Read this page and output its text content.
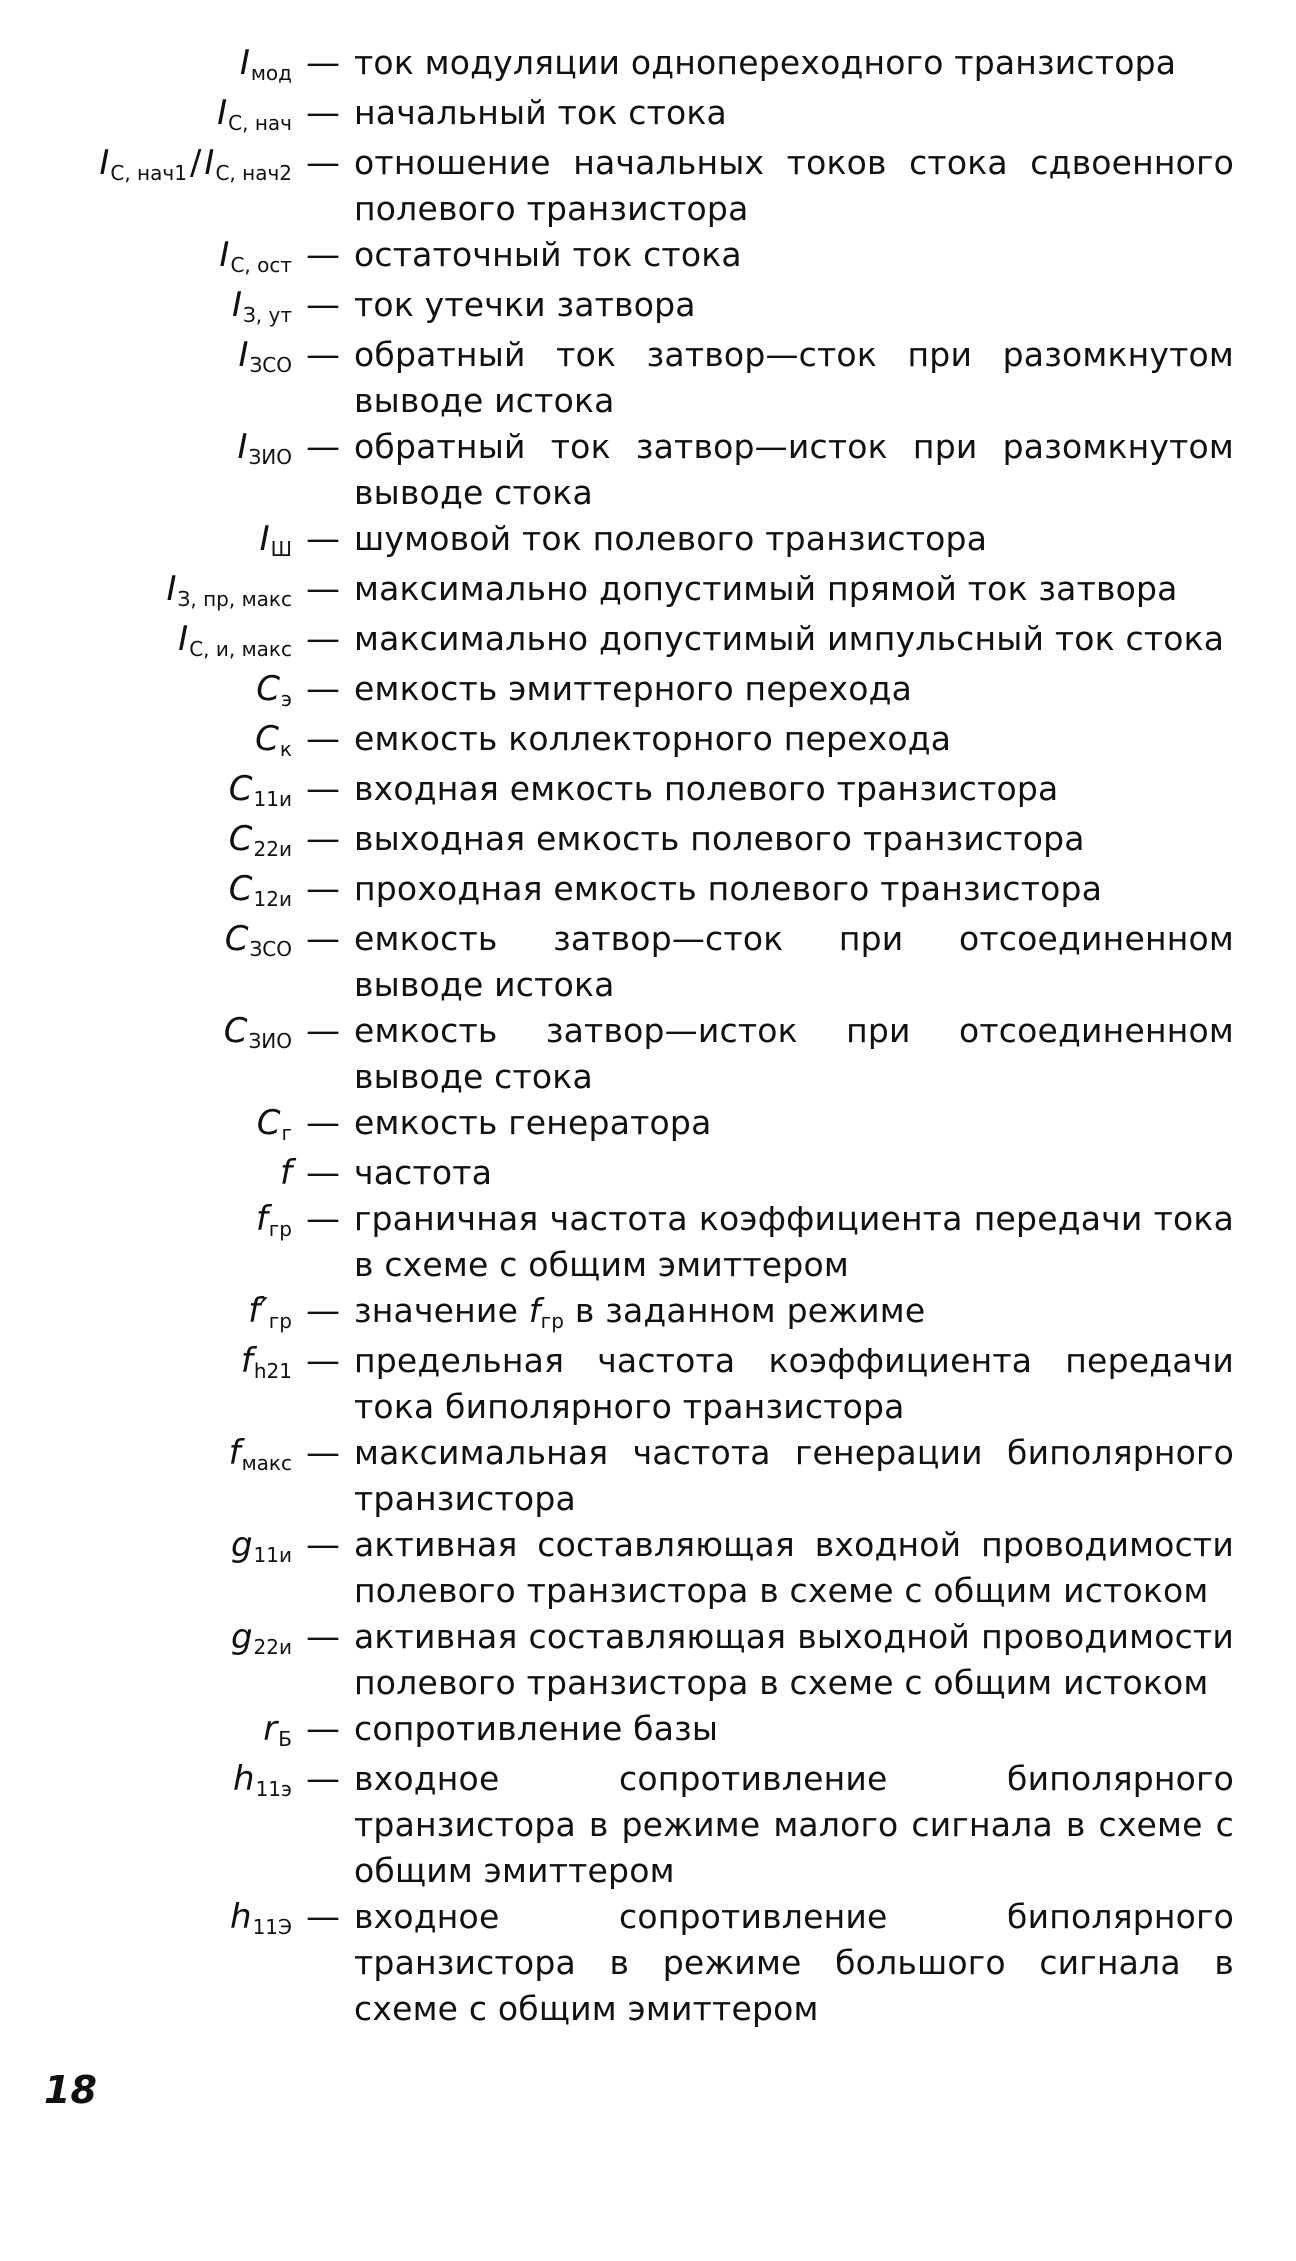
$I_{мод}$ — ток модуляции однопереходного транзистора
$I_{С, нач}$ — начальный ток стока
$I_{С, нач1}/I_{С, нач2}$ — отношение начальных токов стока сдвоенного полевого транзистора
$I_{С, ост}$ — остаточный ток стока
$I_{З, ут}$ — ток утечки затвора
$I_{ЗСО}$ — обратный ток затвор—сток при разомкнутом выводе истока
$I_{ЗИО}$ — обратный ток затвор—исток при разомкнутом выводе стока
$I_Ш$ — шумовой ток полевого транзистора
$I_{З, пр, макс}$ — максимально допустимый прямой ток затвора
$I_{С, и, макс}$ — максимально допустимый импульсный ток стока
$C_э$ — емкость эмиттерного перехода
$C_к$ — емкость коллекторного перехода
$C_{11и}$ — входная емкость полевого транзистора
$C_{22и}$ — выходная емкость полевого транзистора
$C_{12и}$ — проходная емкость полевого транзистора
$C_{ЗСО}$ — емкость затвор—сток при отсоединенном выводе истока
$C_{ЗИО}$ — емкость затвор—исток при отсоединенном выводе стока
$C_г$ — емкость генератора
f — частота
$f_{гр}$ — граничная частота коэффициента передачи тока в схеме с общим эмиттером
$f'_{гр}$ — значение $f_{гр}$ в заданном режиме
$f_{h21}$ — предельная частота коэффициента передачи тока биполярного транзистора
$f_{макс}$ — максимальная частота генерации биполярного транзистора
$g_{11и}$ — активная составляющая входной проводимости полевого транзистора в схеме с общим истоком
$g_{22и}$ — активная составляющая выходной проводимости полевого транзистора в схеме с общим истоком
$r_Б$ — сопротивление базы
$h_{11э}$ — входное сопротивление биполярного транзистора в режиме малого сигнала в схеме с общим эмиттером
$h_{11Э}$ — входное сопротивление биполярного транзистора в режиме большого сигнала в схеме с общим эмиттером
18
